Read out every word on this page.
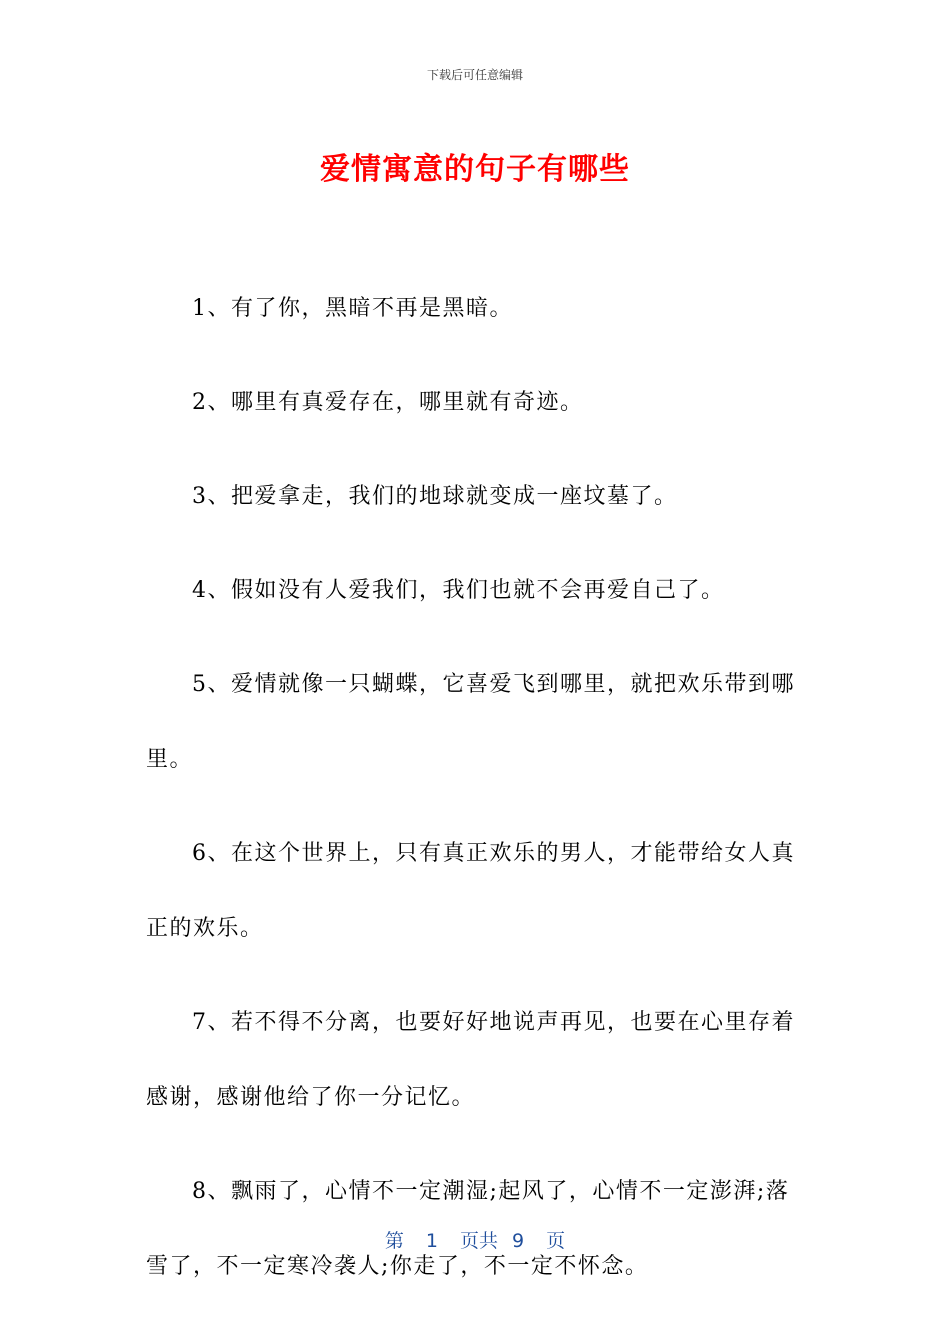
下载后可任意编辑
爱情寓意的句子有哪些

1、有了你，黑暗不再是黑暗。

2、哪里有真爱存在，哪里就有奇迹。

3、把爱拿走，我们的地球就变成一座坟墓了。

4、假如没有人爱我们，我们也就不会再爱自己了。

5、爱情就像一只蝴蝶，它喜爱飞到哪里，就把欢乐带到哪里。

6、在这个世界上，只有真正欢乐的男人，才能带给女人真正的欢乐。

7、若不得不分离，也要好好地说声再见，也要在心里存着感谢，感谢他给了你一分记忆。

8、飘雨了，心情不一定潮湿;起风了，心情不一定澎湃;落雪了，不一定寒冷袭人;你走了，不一定不怀念。

第 1 页共 9 页
